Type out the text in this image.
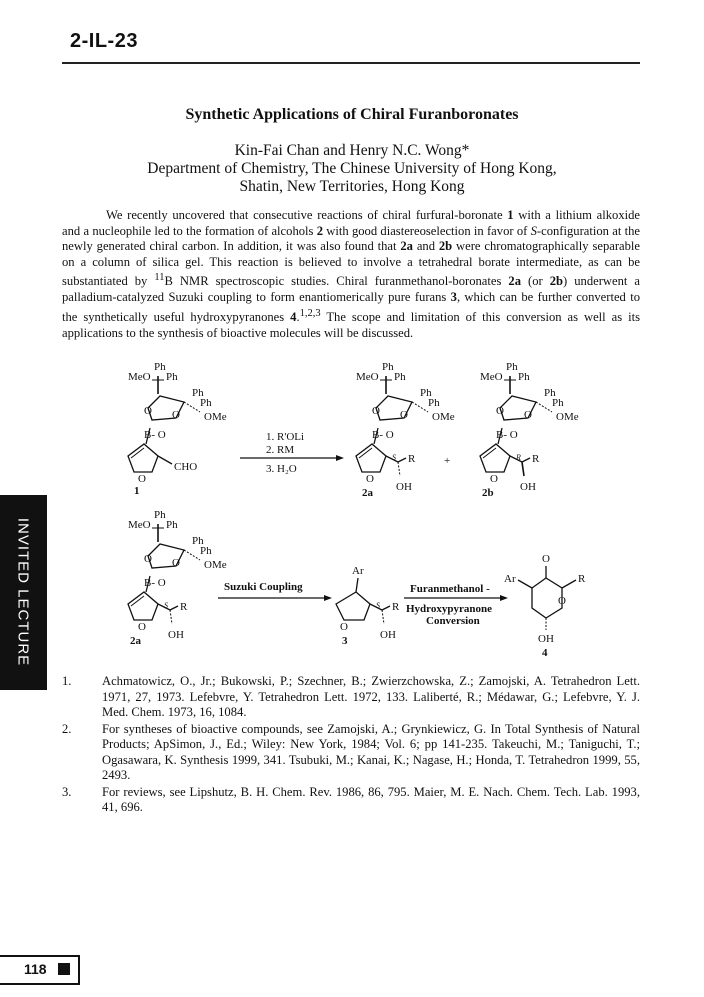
2-IL-23
Synthetic Applications of Chiral Furanboronates
Kin-Fai Chan and Henry N.C. Wong*
Department of Chemistry, The Chinese University of Hong Kong,
Shatin, New Territories, Hong Kong
We recently uncovered that consecutive reactions of chiral furfural-boronate 1 with a lithium alkoxide and a nucleophile led to the formation of alcohols 2 with good diastereoselection in favor of S-configuration at the newly generated chiral carbon. In addition, it was also found that 2a and 2b were chromatographically separable on a column of silica gel. This reaction is believed to involve a tetrahedral borate intermediate, as can be substantiated by $^{11}$B NMR spectroscopic studies. Chiral furanmethanol-boronates 2a (or 2b) underwent a palladium-catalyzed Suzuki coupling to form enantiomerically pure furans 3, which can be further converted to the synthetically useful hydroxypyranones 4.$^{1,2,3}$ The scope and limitation of this conversion as well as its applications to the synthesis of bioactive molecules will be discussed.
CHO
1
1. R'OLi
2. RM
3. H₂O
S R
OH
2a
+	R R
OH
2b
S R
OH
2a
Suzuki Coupling
Ar
O
S R
OH
3
Furanmethanol -
Hydroxypyranone
Conversion
O
Ar	R
O
OH
4
1.	Achmatowicz, O., Jr.; Bukowski, P.; Szechner, B.; Zwierzchowska, Z.; Zamojski, A. Tetrahedron Lett. 1971, 27, 1973. Lefebvre, Y. Tetrahedron Lett. 1972, 133. Laliberté, R.; Médawar, G.; Lefebvre, Y. J. Med. Chem. 1973, 16, 1084.
2.	For syntheses of bioactive compounds, see Zamojski, A.; Grynkiewicz, G. In Total Synthesis of Natural Products; ApSimon, J., Ed.; Wiley: New York, 1984; Vol. 6; pp 141-235. Takeuchi, M.; Taniguchi, T.; Ogasawara, K. Synthesis 1999, 341. Tsubuki, M.; Kanai, K.; Nagase, H.; Honda, T. Tetrahedron 1999, 55, 2493.
3.	For reviews, see Lipshutz, B. H. Chem. Rev. 1986, 86, 795. Maier, M. E. Nach. Chem. Tech. Lab. 1993, 41, 696.
INVITED LECTURE
118
